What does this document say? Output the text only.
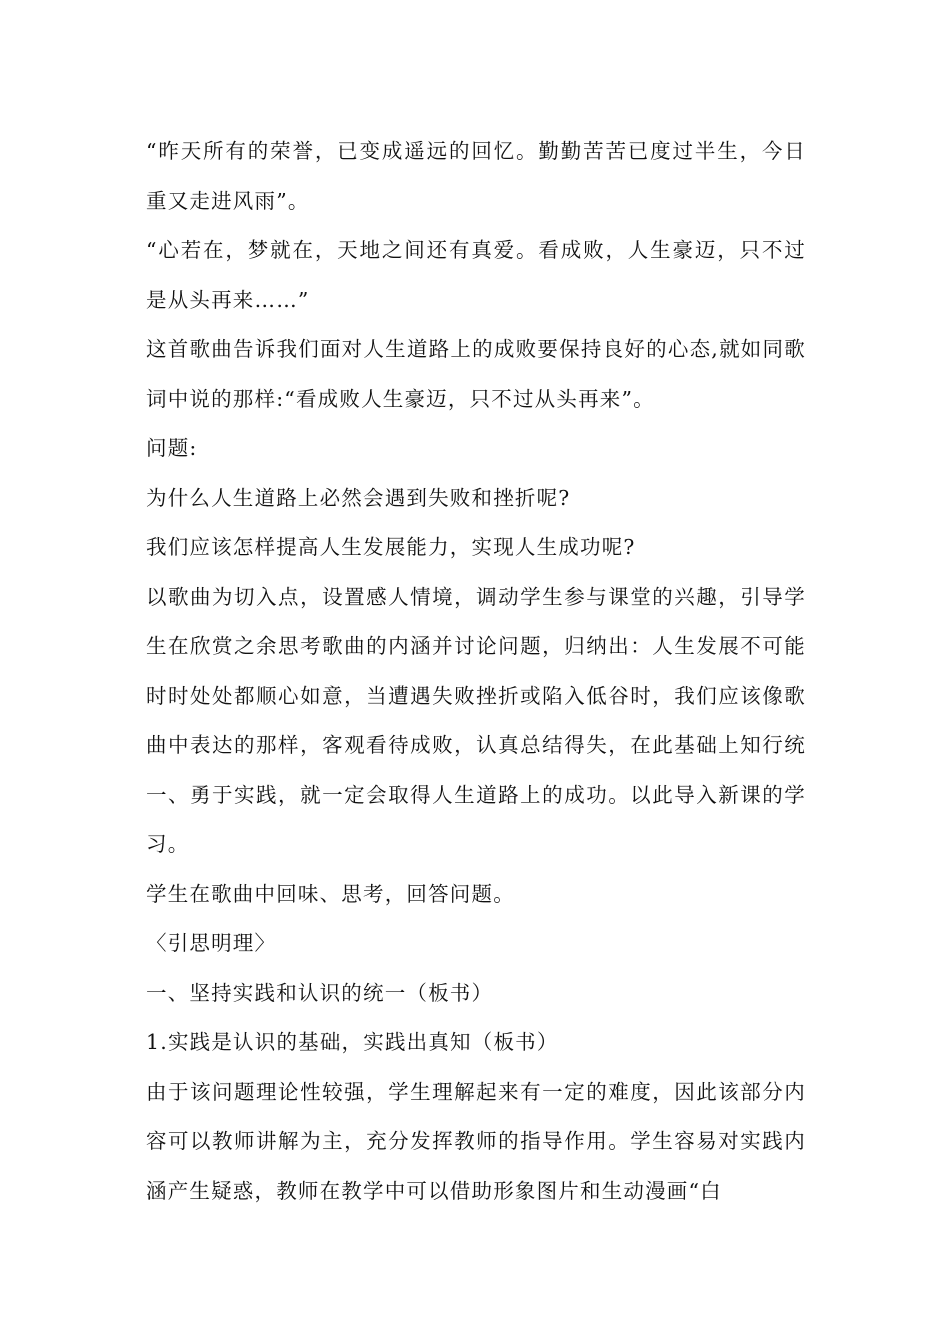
“昨天所有的荣誉，已变成遥远的回忆。勤勤苦苦已度过半生，今日重又走进风雨”。

“心若在，梦就在，天地之间还有真爱。看成败，人生豪迈，只不过是从头再来……”

这首歌曲告诉我们面对人生道路上的成败要保持良好的心态,就如同歌词中说的那样:“看成败人生豪迈，只不过从头再来”。

问题:

为什么人生道路上必然会遇到失败和挫折呢?

我们应该怎样提高人生发展能力，实现人生成功呢?

以歌曲为切入点，设置感人情境，调动学生参与课堂的兴趣，引导学生在欣赏之余思考歌曲的内涵并讨论问题，归纳出：人生发展不可能时时处处都顺心如意，当遭遇失败挫折或陷入低谷时，我们应该像歌曲中表达的那样，客观看待成败，认真总结得失，在此基础上知行统一、勇于实践，就一定会取得人生道路上的成功。以此导入新课的学习。

学生在歌曲中回味、思考，回答问题。

〈引思明理〉

一、坚持实践和认识的统一（板书）

1.实践是认识的基础，实践出真知（板书）

由于该问题理论性较强，学生理解起来有一定的难度，因此该部分内容可以教师讲解为主，充分发挥教师的指导作用。学生容易对实践内涵产生疑惑，教师在教学中可以借助形象图片和生动漫画“白
